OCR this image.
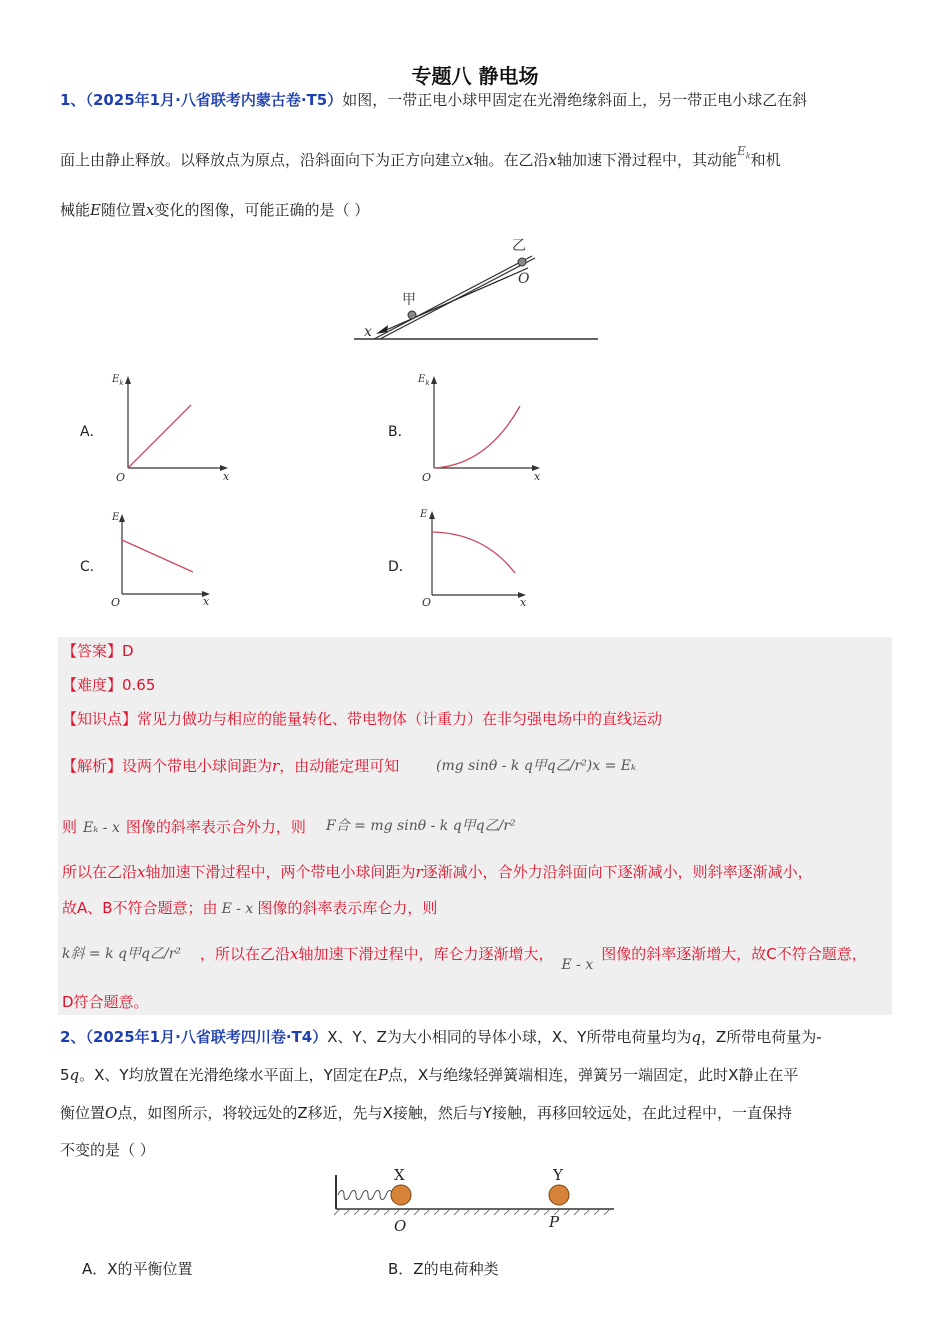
专题八 静电场
1、（2025年1月·八省联考内蒙古卷·T5）如图，一带正电小球甲固定在光滑绝缘斜面上，另一带正电小球乙在斜
面上由静止释放。以释放点为原点，沿斜面向下为正方向建立x轴。在乙沿x轴加速下滑过程中，其动能$^{E_k}$和机
械能E随位置x变化的图像，可能正确的是（ ）
乙
甲
O
x
A．
$E_k$
O	x
B．
$E_k$
O	x
C．
E
O	x
D．
E
O	x
【答案】D
【难度】0.65
【知识点】常见力做功与相应的能量转化、带电物体（计重力）在非匀强电场中的直线运动
【解析】设两个带电小球间距为r，由动能定理可知	(mg sinθ - k q甲q乙/r²)x = Eₖ
则 Eₖ - x 图像的斜率表示合外力，则 F合 = mg sinθ - k q甲q乙/r²
所以在乙沿x轴加速下滑过程中，两个带电小球间距为r逐渐减小，合外力沿斜面向下逐渐减小，则斜率逐渐减小，
故A、B不符合题意；由 E - x 图像的斜率表示库仑力，则
k斜 = k q甲q乙/r² ，所以在乙沿x轴加速下滑过程中，库仑力逐渐增大，E - x图像的斜率逐渐增大，故C不符合题意，
D符合题意。
2、（2025年1月·八省联考四川卷·T4）X、Y、Z为大小相同的导体小球，X、Y所带电荷量均为q，Z所带电荷量为-
5q。X、Y均放置在光滑绝缘水平面上，Y固定在P点，X与绝缘轻弹簧端相连，弹簧另一端固定，此时X静止在平
衡位置O点，如图所示，将较远处的Z移近，先与X接触，然后与Y接触，再移回较远处，在此过程中，一直保持
不变的是（ ）
X	Y
O	P
A．X的平衡位置	B．Z的电荷种类
